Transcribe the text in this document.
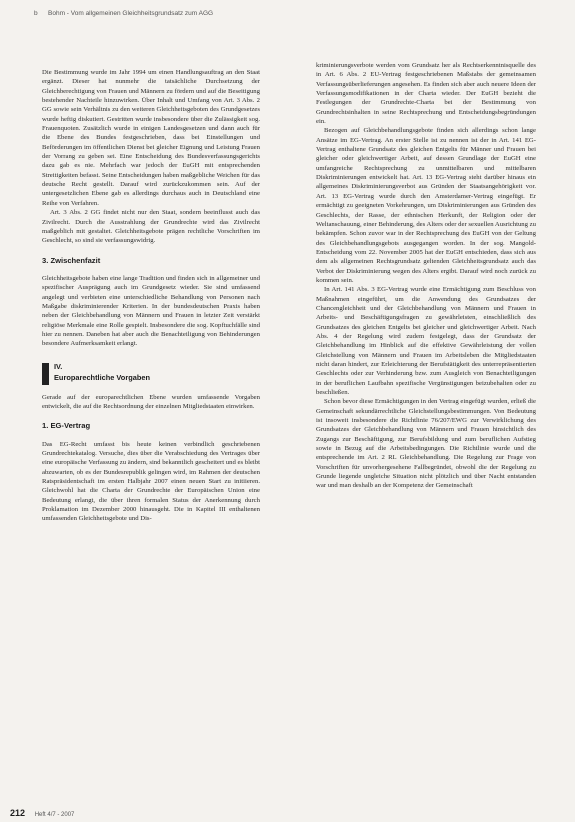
b Bohm - Vom allgemeinen Gleichheitsgrundsatz zum AGG

Die Bestimmung wurde im Jahr 1994 um einen Handlungsauftrag an den Staat ergänzt. Dieser hat nunmehr die tatsächliche Durchsetzung der Gleichberechtigung von Frauen und Männern zu fördern und auf die Beseitigung bestehender Nachteile hinzuwirken. Über Inhalt und Umfang von Art. 3 Abs. 2 GG sowie sein Verhältnis zu den weiteren Gleichheitsgeboten des Grundgesetzes wurde heftig diskutiert. Gestritten wurde insbesondere über die Zulässigkeit sog. Frauenquoten. Zusätzlich wurde in einigen Landesgesetzen und dann auch für die Ebene des Bundes festgeschrieben, dass bei Einstellungen und Beförderungen im öffentlichen Dienst bei gleicher Eignung und Leistung Frauen der Vorrang zu geben sei. Eine Entscheidung des Bundesverfassungsgerichts dazu gab es nie. Mehrfach war jedoch der EuGH mit entsprechenden Streitigkeiten befasst. Seine Entscheidungen haben maßgebliche Weichen für das deutsche Recht gestellt. Darauf wird zurückzukommen sein. Auf der untergesetzlichen Ebene gab es allerdings durchaus auch in Deutschland eine Reihe von Verfahren.

Art. 3 Abs. 2 GG findet nicht nur den Staat, sondern beeinflusst auch das Zivilrecht. Durch die Ausstrahlung der Grundrechte wird das Zivilrecht maßgeblich mit gestaltet. Gleichheitsgebote prägen rechtliche Vorschriften im Geschlecht, so sind sie verfassungswidrig.

3. Zwischenfazit

Gleichheitsgebote haben eine lange Tradition und finden sich in allgemeiner und spezifischer Ausprägung auch im Grundgesetz wieder. Sie sind umfassend angelegt und verbieten eine unterschiedliche Behandlung von Personen nach Maßgabe diskriminierender Kriterien. In der bundesdeutschen Praxis haben neben der Gleichbehandlung von Männern und Frauen in letzter Zeit verstärkt religiöse Merkmale eine Rolle gespielt. Insbesondere die sog. Kopftuchfälle sind hier zu nennen. Daneben hat aber auch die Benachteiligung von Behinderungen besondere Aufmerksamkeit erlangt.

IV.
Europarechtliche Vorgaben

Gerade auf der europarechtlichen Ebene wurden umfassende Vorgaben entwickelt, die auf die Rechtsordnung der einzelnen Mitgliedstaaten einwirken.

1. EG-Vertrag

Das EG-Recht umfasst bis heute keinen verbindlich geschriebenen Grundrechtekatalog. Versuche, dies über die Verabschiedung des Vertrages über eine europäische Verfassung zu ändern, sind bekanntlich gescheitert und es bleibt abzuwarten, ob es der Bundesrepublik gelingen wird, im Rahmen der deutschen Ratspräsidentschaft im ersten Halbjahr 2007 einen neuen Start zu initiieren. Gleichwohl hat die Charta der Grundrechte der Europäischen Union eine Bedeutung erlangt, die über ihren formalen Status der Anerkennung durch Proklamation im Dezember 2000 hinausgeht. Die in Kapitel III enthaltenen umfassenden Gleichheitsgebote und Dis-

kriminierungsverbote werden vom Grundsatz her als Rechtserkenntnisquelle des in Art. 6 Abs. 2 EU-Vertrag festgeschriebenen Maßstabs der gemeinsamen Verfassungsüberlieferungen angesehen. Es finden sich aber auch neuere Ideen der Verfassungsmodifikationen in der Charta wieder. Der EuGH bezieht die Festlegungen der Grundrechte-Charta bei der Bestimmung von Grundrechtsinhalten in seine Rechtsprechung und Entscheidungsbegründungen ein.

Bezogen auf Gleichbehandlungsgebote finden sich allerdings schon lange Ansätze im EG-Vertrag. An erster Stelle ist zu nennen ist der in Art. 141 EG-Vertrag enthaltene Grundsatz des gleichen Entgelts für Männer und Frauen bei gleicher oder gleichwertiger Arbeit, auf dessen Grundlage der EuGH eine umfangreiche Rechtsprechung zu unmittelbaren und mittelbaren Diskriminierungen entwickelt hat. Art. 13 EG-Vertrag steht darüber hinaus ein allgemeines Diskriminierungsverbot aus Gründen der Staatsangehörigkeit vor. Art. 13 EG-Vertrag wurde durch den Amsterdamer-Vertrag eingefügt. Er ermächtigt zu geeigneten Vorkehrungen, um Diskriminierungen aus Gründen des Geschlechts, der Rasse, der ethnischen Herkunft, der Religion oder der Weltanschauung, einer Behinderung, des Alters oder der sexuellen Ausrichtung zu bekämpfen. Schon zuvor war in der Rechtsprechung des EuGH von der Geltung des Gleichbehandlungsgebots ausgegangen worden. In der sog. Mangold-Entscheidung vom 22. November 2005 hat der EuGH entschieden, dass sich aus dem als allgemeinen Rechtsgrundsatz geltenden Gleichheitsgrundsatz auch das Verbot der Diskriminierung wegen des Alters ergibt. Darauf wird noch zurück zu kommen sein.

In Art. 141 Abs. 3 EG-Vertrag wurde eine Ermächtigung zum Beschluss von Maßnahmen eingeführt, um die Anwendung des Grundsatzes der Chancengleichheit und der Gleichbehandlung von Männern und Frauen in Arbeits- und Beschäftigungsfragen zu gewährleisten, einschließlich des Grundsatzes des gleichen Entgelts bei gleicher und gleichwertiger Arbeit. Nach Abs. 4 der Regelung wird zudem festgelegt, dass der Grundsatz der Gleichbehandlung im Hinblick auf die effektive Gewährleistung der vollen Gleichstellung von Männern und Frauen im Arbeitsleben die Mitgliedstaaten nicht daran hindert, zur Erleichterung der Berufstätigkeit des unterrepräsentierten Geschlechts oder zur Verhinderung bzw. zum Ausgleich von Benachteiligungen in der beruflichen Laufbahn spezifische Vergünstigungen beizubehalten oder zu beschließen.

Schon bevor diese Ermächtigungen in den Vertrag eingefügt wurden, erließ die Gemeinschaft sekundärrechtliche Gleichstellungsbestimmungen. Von Bedeutung ist insoweit insbesondere die Richtlinie 76/207/EWG zur Verwirklichung des Grundsatzes der Gleichbehandlung von Männern und Frauen hinsichtlich des Zugangs zur Beschäftigung, zur Berufsbildung und zum beruflichen Aufstieg sowie in Bezug auf die Arbeitsbedingungen. Die Richtlinie wurde und die entsprechende im Art. 2 RL Gleichbehandlung. Die Regelung zur Frage von Vorschriften für unvorhergesehene Fallbegründet, obwohl die der Regelung zu Grunde liegende ungleiche Situation nicht plötzlich und über Nacht entstanden war und man deshalb an der Kompetenz der Gemeinschaft

212 Heft 4/7 - 2007
